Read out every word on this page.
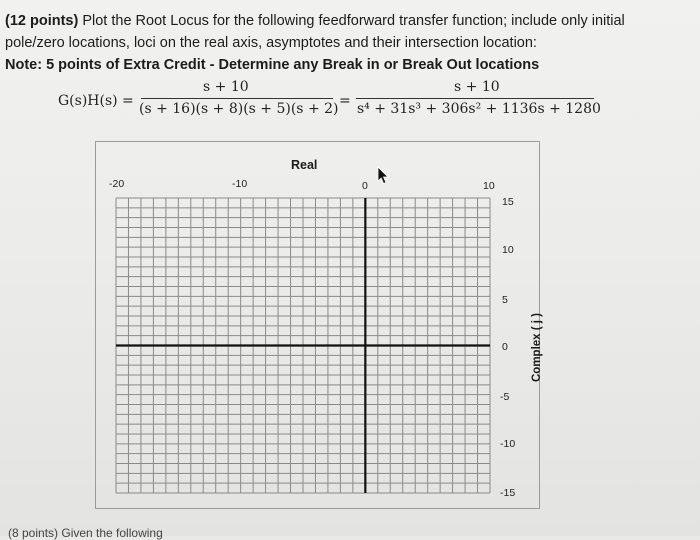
(12 points) Plot the Root Locus for the following feedforward transfer function; include only initial
pole/zero locations, loci on the real axis, asymptotes and their intersection location:
Note: 5 points of Extra Credit - Determine any Break in or Break Out locations
G(s)H(s) =
s + 10
(s + 16)(s + 8)(s + 5)(s + 2) =
s + 10
s⁴ + 31s³ + 306s² + 1136s + 1280
Real
Complex ( j )
-20	-10	0	10
15
10
5
0
-5
-10
-15
(8 points) Given the following
